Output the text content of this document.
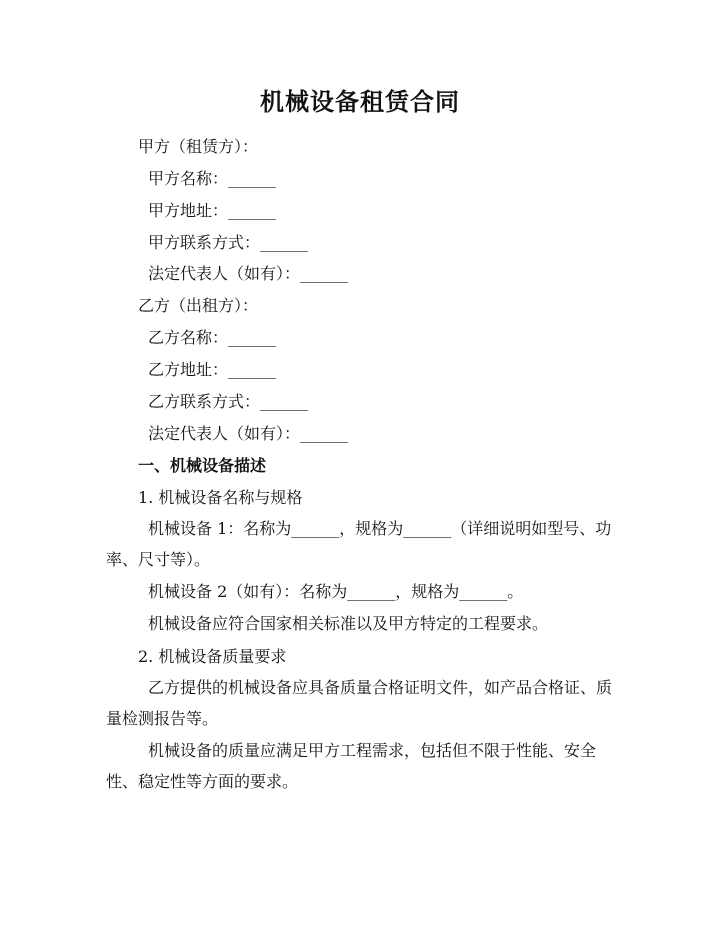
机械设备租赁合同
甲方（租赁方）：
甲方名称：______
甲方地址：______
甲方联系方式：______
法定代表人（如有）：______
乙方（出租方）：
乙方名称：______
乙方地址：______
乙方联系方式：______
法定代表人（如有）：______
一、机械设备描述
1. 机械设备名称与规格
机械设备 1：名称为______，规格为______（详细说明如型号、功率、尺寸等）。
机械设备 2（如有）：名称为______，规格为______。
机械设备应符合国家相关标准以及甲方特定的工程要求。
2. 机械设备质量要求
乙方提供的机械设备应具备质量合格证明文件，如产品合格证、质量检测报告等。
机械设备的质量应满足甲方工程需求，包括但不限于性能、安全性、稳定性等方面的要求。
